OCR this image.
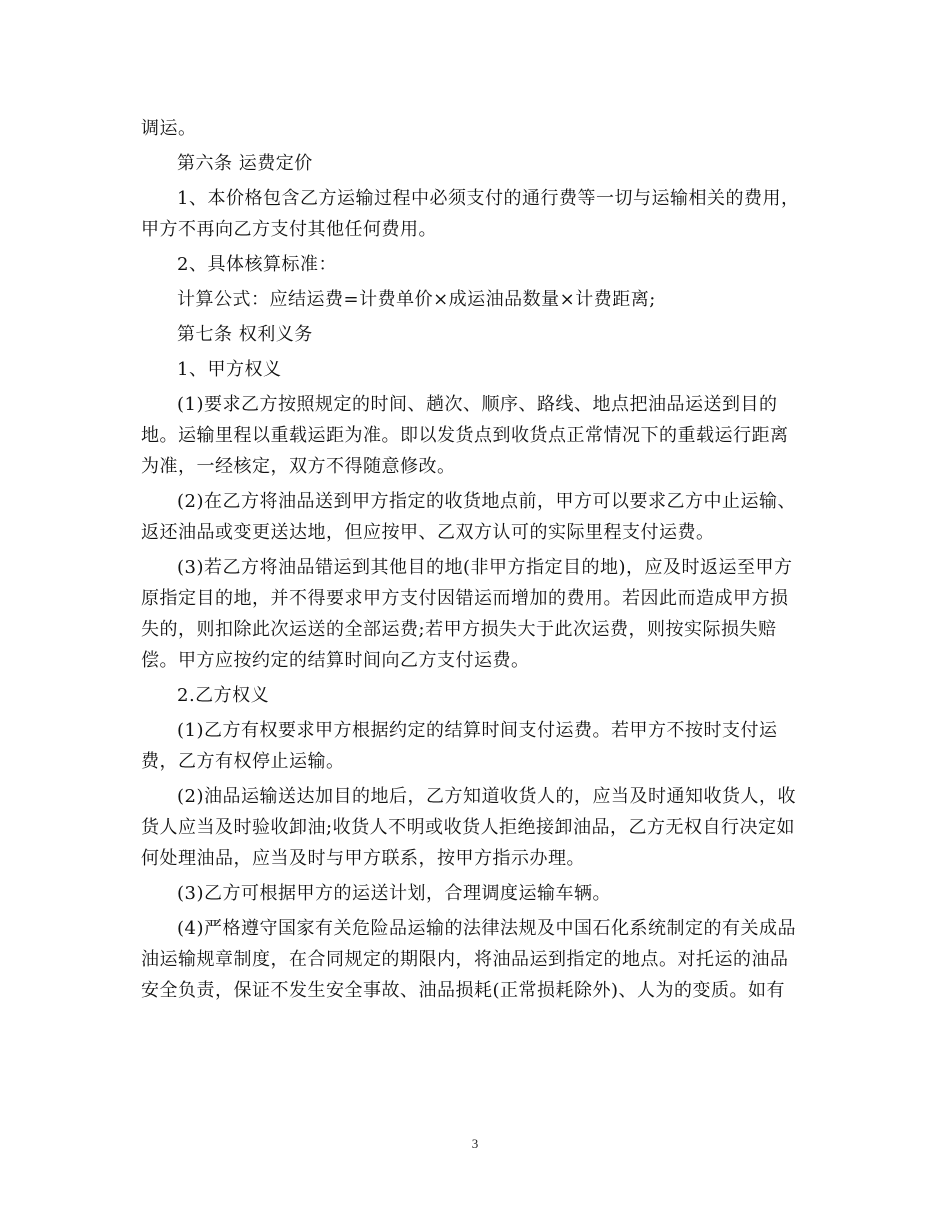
调运。
第六条 运费定价
1、本价格包含乙方运输过程中必须支付的通行费等一切与运输相关的费用，
甲方不再向乙方支付其他任何费用。
2、具体核算标准：
计算公式：应结运费=计费单价×成运油品数量×计费距离;
第七条 权利义务
1、甲方权义
(1)要求乙方按照规定的时间、趟次、顺序、路线、地点把油品运送到目的
地。运输里程以重载运距为准。即以发货点到收货点正常情况下的重载运行距离
为准，一经核定，双方不得随意修改。
(2)在乙方将油品送到甲方指定的收货地点前，甲方可以要求乙方中止运输、
返还油品或变更送达地，但应按甲、乙双方认可的实际里程支付运费。
(3)若乙方将油品错运到其他目的地(非甲方指定目的地)，应及时返运至甲方
原指定目的地，并不得要求甲方支付因错运而增加的费用。若因此而造成甲方损
失的，则扣除此次运送的全部运费;若甲方损失大于此次运费，则按实际损失赔
偿。甲方应按约定的结算时间向乙方支付运费。
2.乙方权义
(1)乙方有权要求甲方根据约定的结算时间支付运费。若甲方不按时支付运
费，乙方有权停止运输。
(2)油品运输送达加目的地后，乙方知道收货人的，应当及时通知收货人，收
货人应当及时验收卸油;收货人不明或收货人拒绝接卸油品，乙方无权自行决定如
何处理油品，应当及时与甲方联系，按甲方指示办理。
(3)乙方可根据甲方的运送计划，合理调度运输车辆。
(4)严格遵守国家有关危险品运输的法律法规及中国石化系统制定的有关成品
油运输规章制度，在合同规定的期限内，将油品运到指定的地点。对托运的油品
安全负责，保证不发生安全事故、油品损耗(正常损耗除外)、人为的变质。如有
3
